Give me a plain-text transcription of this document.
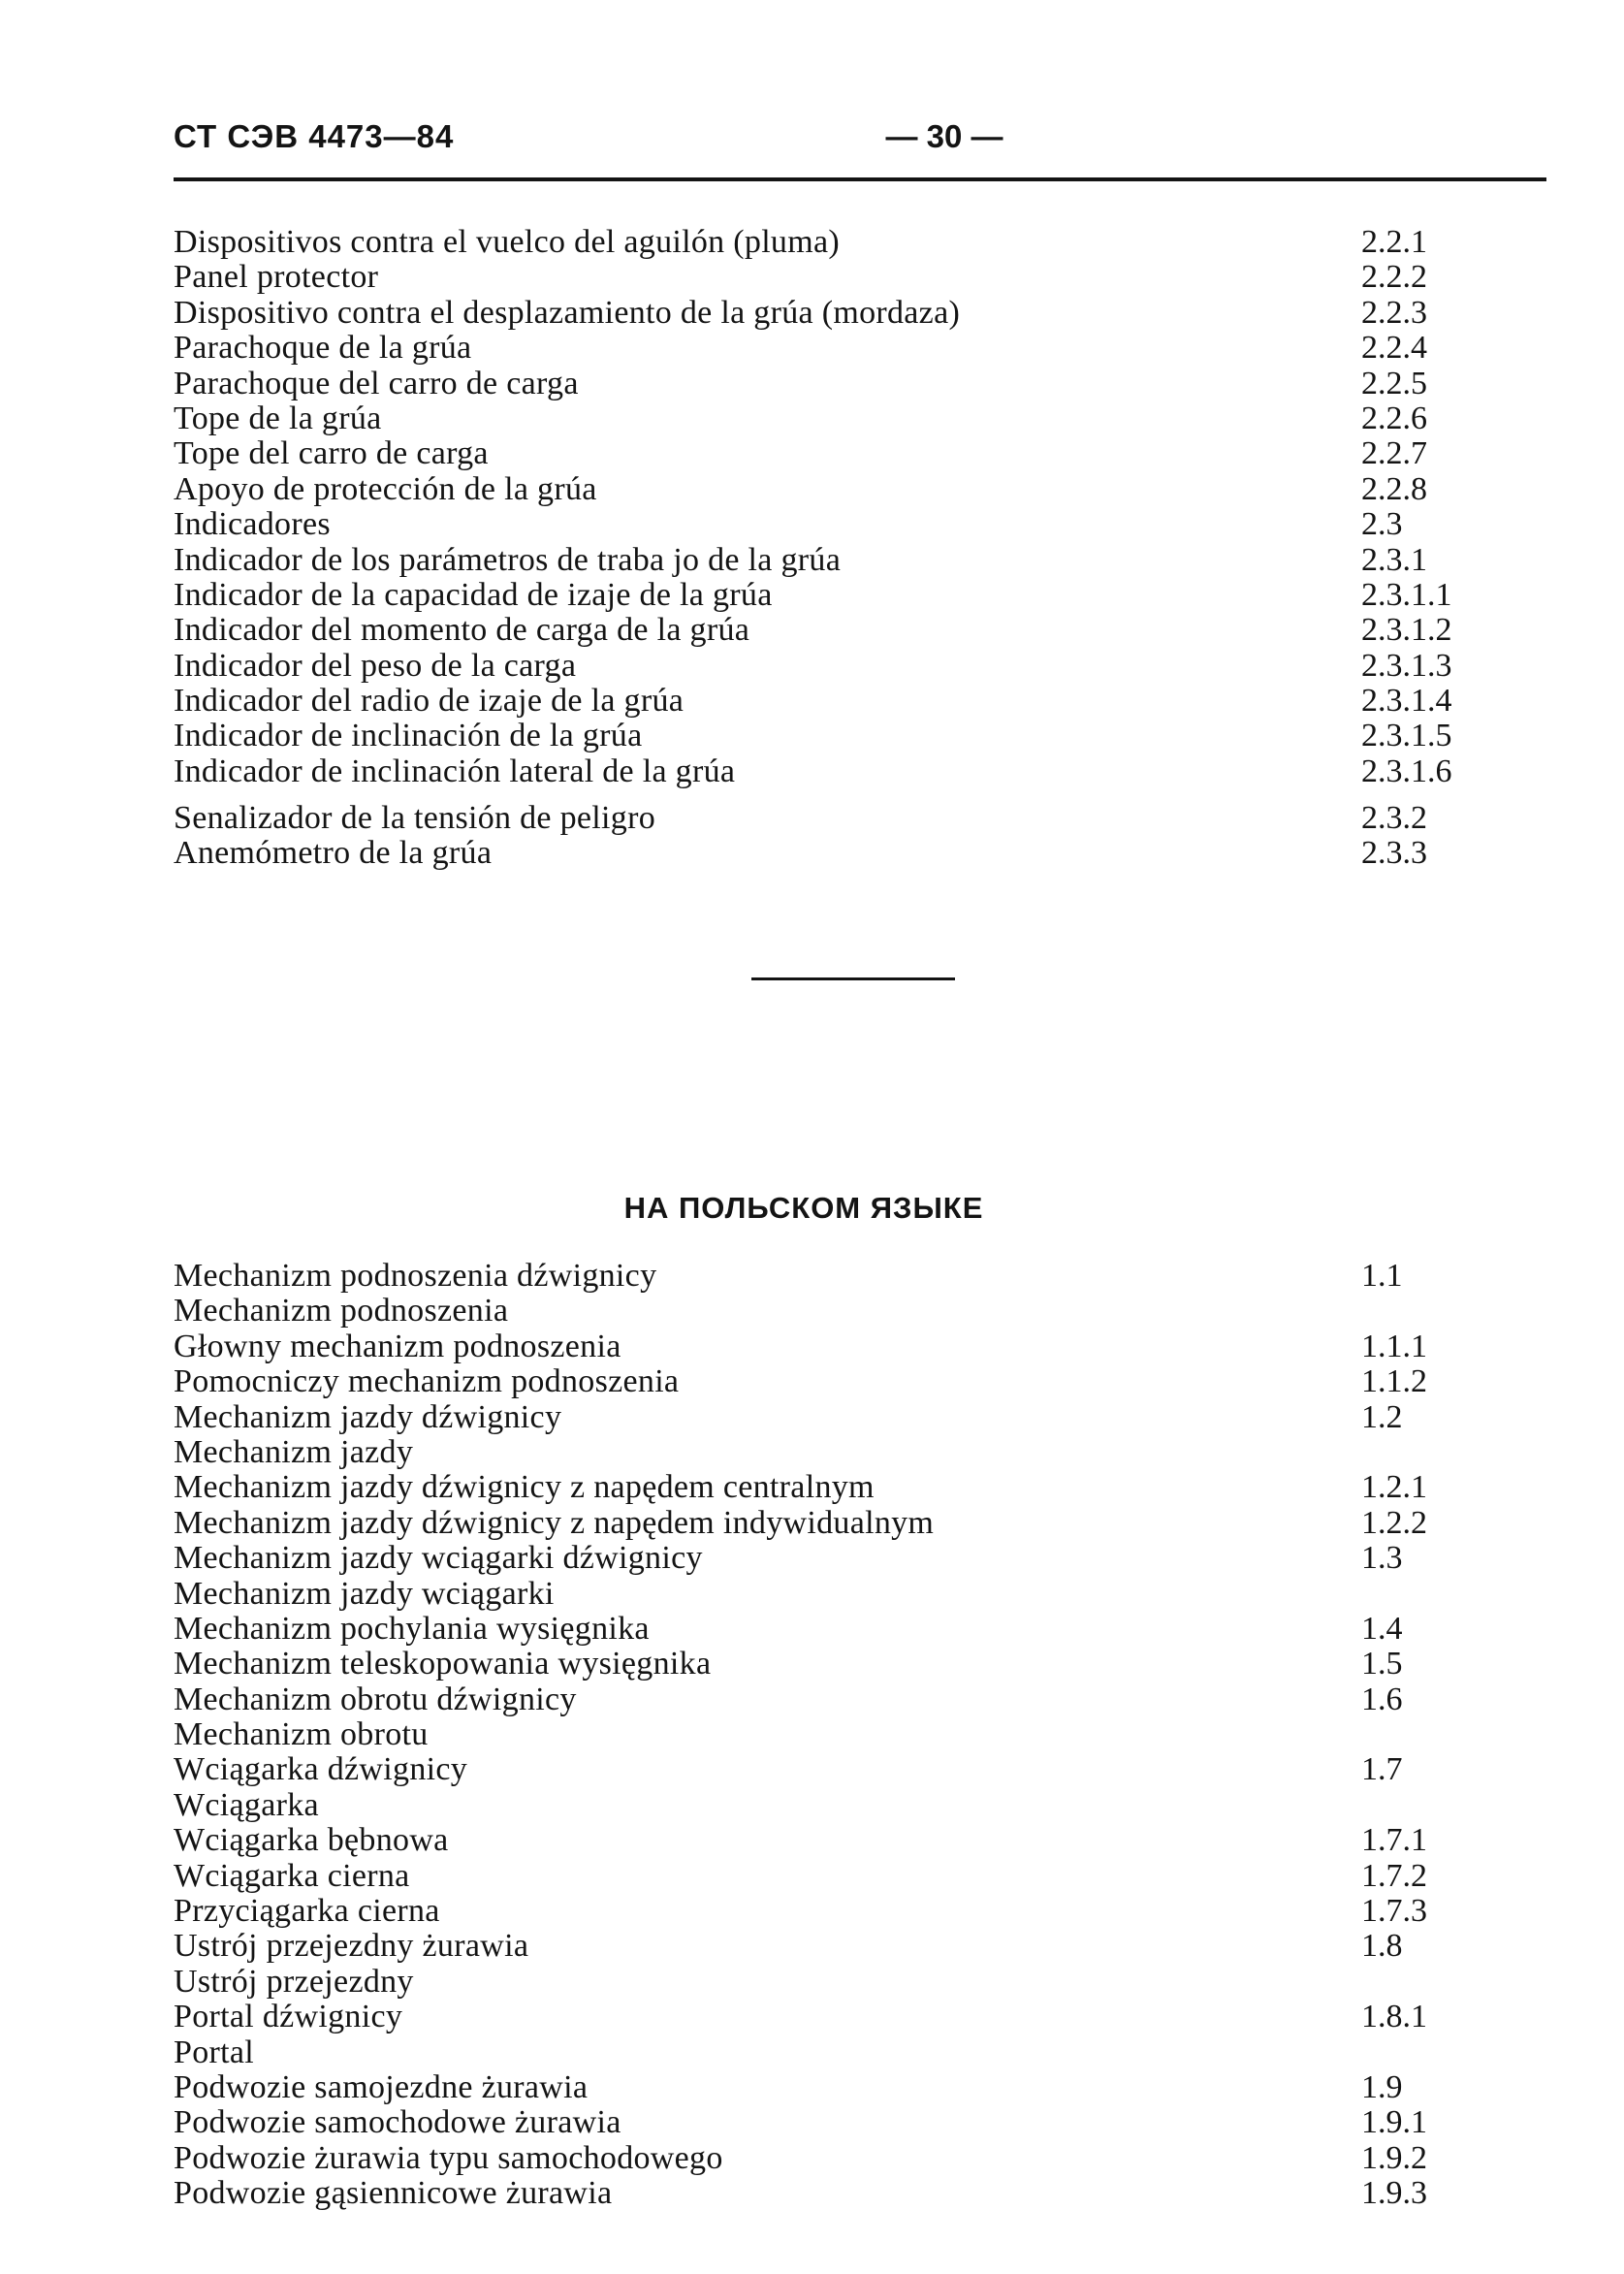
СТ СЭВ 4473—84	— 30 —
Dispositivos contra el vuelco del aguilón (pluma)	2.2.1
Panel protector	2.2.2
Dispositivo contra el desplazamiento de la grúa (mordaza)	2.2.3
Parachoque de la grúa	2.2.4
Parachoque del carro de carga	2.2.5
Tope de la grúa	2.2.6
Tope del carro de carga	2.2.7
Apoyo de protección de la grúa	2.2.8
Indicadores	2.3
Indicador de los parámetros de traba jo de la grúa	2.3.1
Indicador de la capacidad de izaje de la grúa	2.3.1.1
Indicador del momento de carga de la grúa	2.3.1.2
Indicador del peso de la carga	2.3.1.3
Indicador del radio de izaje de la grúa	2.3.1.4
Indicador de inclinación de la grúa	2.3.1.5
Indicador de inclinación lateral de la grúa	2.3.1.6
Senalizador de la tensión de peligro	2.3.2
Anemómetro de la grúa	2.3.3
НА ПОЛЬСКОМ ЯЗЫКЕ
Mechanizm podnoszenia dźwignicy	1.1
Mechanizm podnoszenia
Głowny mechanizm podnoszenia	1.1.1
Pomocniczy mechanizm podnoszenia	1.1.2
Mechanizm jazdy dźwignicy	1.2
Mechanizm jazdy
Mechanizm jazdy dźwignicy z napędem centralnym	1.2.1
Mechanizm jazdy dźwignicy z napędem indywidualnym	1.2.2
Mechanizm jazdy wciągarki dźwignicy	1.3
Mechanizm jazdy wciągarki
Mechanizm pochylania wysięgnika	1.4
Mechanizm teleskopowania wysięgnika	1.5
Mechanizm obrotu dźwignicy	1.6
Mechanizm obrotu
Wciągarka dźwignicy	1.7
Wciągarka
Wciągarka bębnowa	1.7.1
Wciągarka cierna	1.7.2
Przyciągarka cierna	1.7.3
Ustrój przejezdny żurawia	1.8
Ustrój przejezdny
Portal dźwignicy	1.8.1
Portal
Podwozie samojezdne żurawia	1.9
Podwozie samochodowe żurawia	1.9.1
Podwozie żurawia typu samochodowego	1.9.2
Podwozie gąsiennicowe żurawia	1.9.3
